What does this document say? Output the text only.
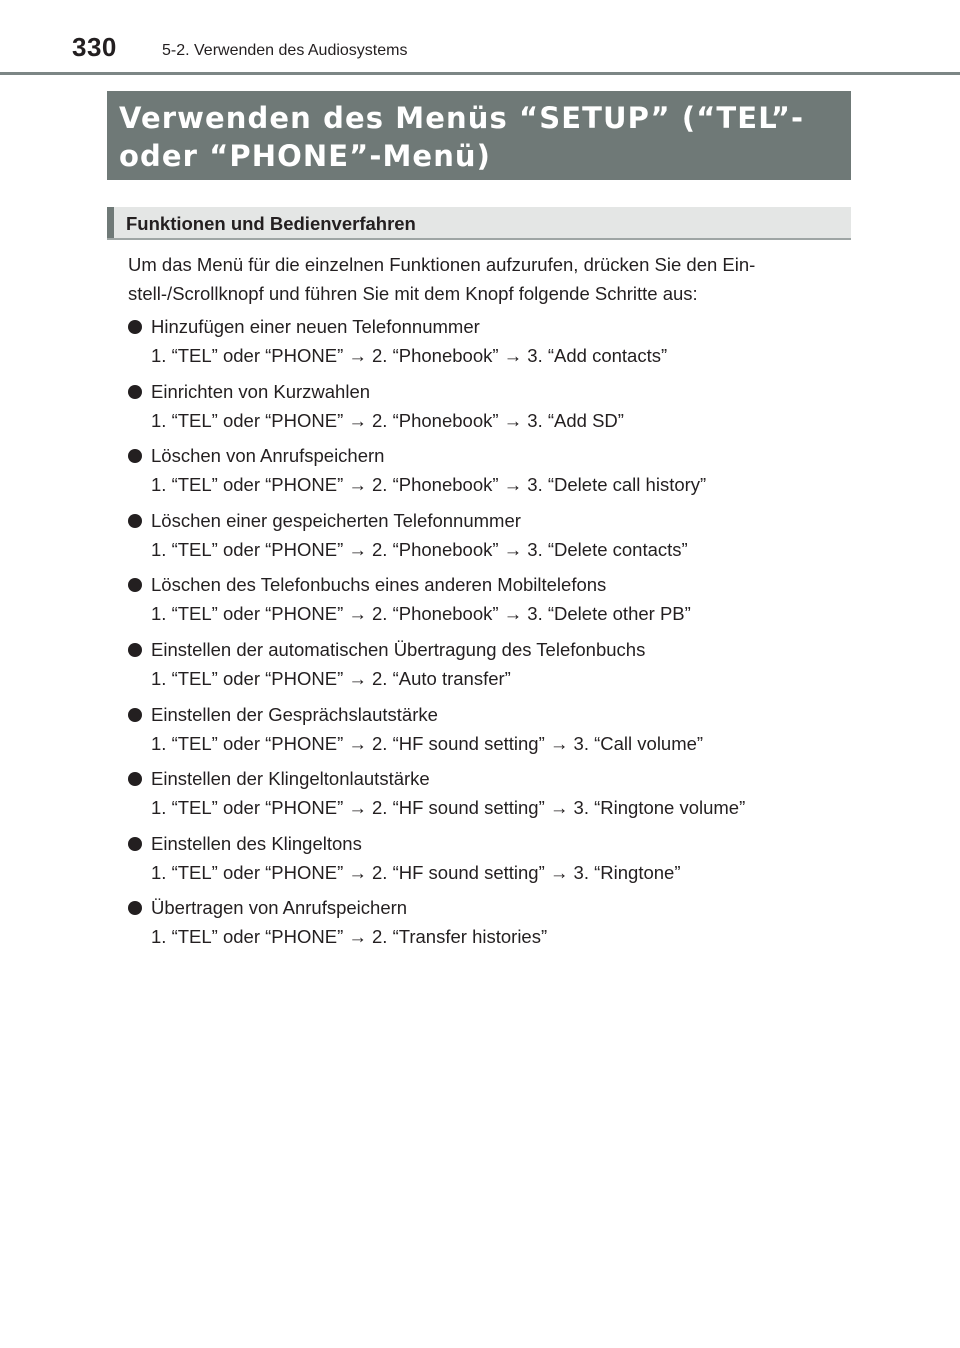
330	5-2. Verwenden des Audiosystems
Verwenden des Menüs “SETUP” (“TEL”- oder “PHONE”-Menü)
Funktionen und Bedienverfahren

Um das Menü für die einzelnen Funktionen aufzurufen, drücken Sie den Ein-stell-/Scrollknopf und führen Sie mit dem Knopf folgende Schritte aus:

Hinzufügen einer neuen Telefonnummer
1. “TEL” oder “PHONE” → 2. “Phonebook” → 3. “Add contacts”
Einrichten von Kurzwahlen
1. “TEL” oder “PHONE” → 2. “Phonebook” → 3. “Add SD”
Löschen von Anrufspeichern
1. “TEL” oder “PHONE” → 2. “Phonebook” → 3. “Delete call history”
Löschen einer gespeicherten Telefonnummer
1. “TEL” oder “PHONE” → 2. “Phonebook” → 3. “Delete contacts”
Löschen des Telefonbuchs eines anderen Mobiltelefons
1. “TEL” oder “PHONE” → 2. “Phonebook” → 3. “Delete other PB”
Einstellen der automatischen Übertragung des Telefonbuchs
1. “TEL” oder “PHONE” → 2. “Auto transfer”
Einstellen der Gesprächslautstärke
1. “TEL” oder “PHONE” → 2. “HF sound setting” → 3. “Call volume”
Einstellen der Klingeltonlautstärke
1. “TEL” oder “PHONE” → 2. “HF sound setting” → 3. “Ringtone volume”
Einstellen des Klingeltons
1. “TEL” oder “PHONE” → 2. “HF sound setting” → 3. “Ringtone”
Übertragen von Anrufspeichern
1. “TEL” oder “PHONE” → 2. “Transfer histories”
